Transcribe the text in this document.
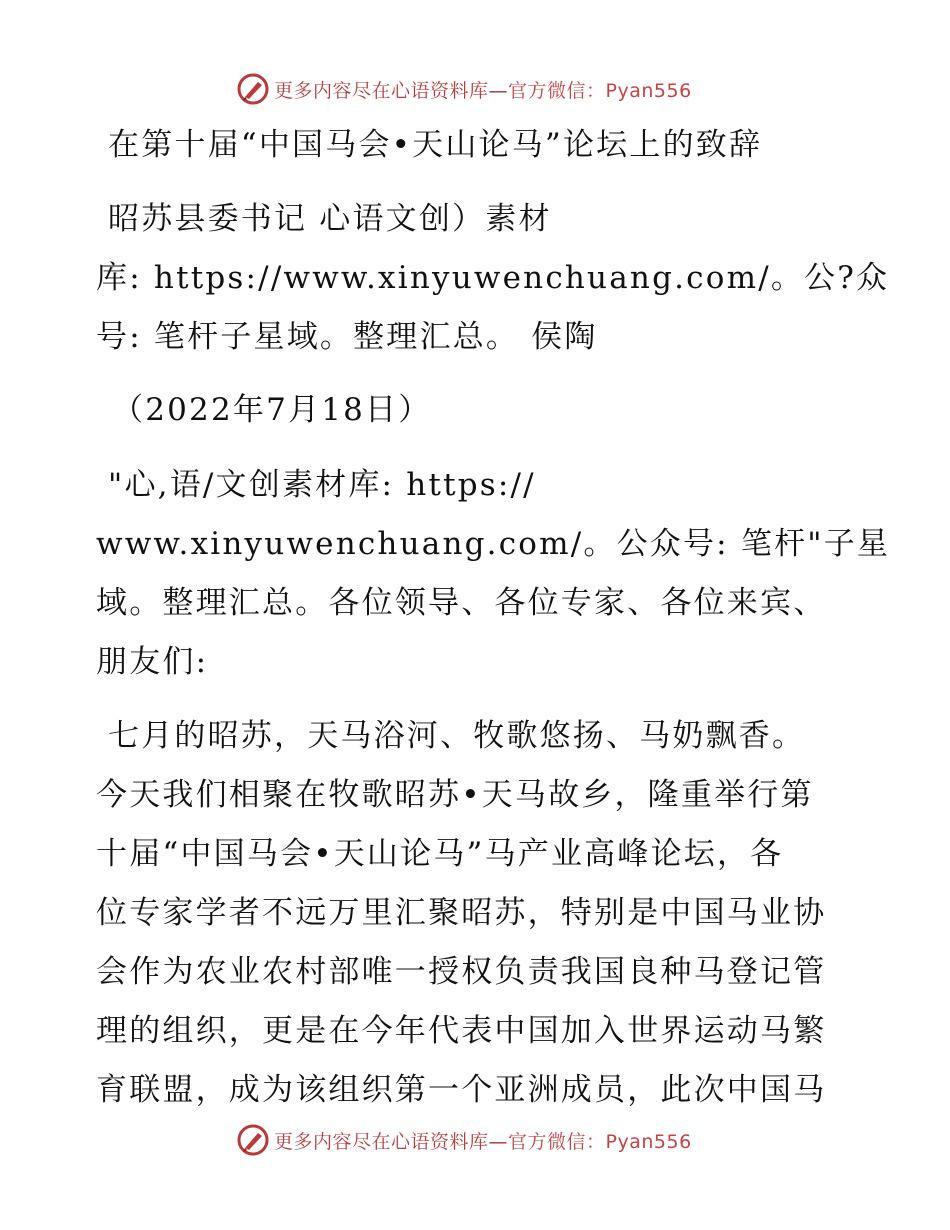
更多内容尽在心语资料库—官方微信：Pyan556
在第十届“中国马会•天山论马”论坛上的致辞
昭苏县委书记 心语文创）素材
库: https://www.xinyuwenchuang.com/。公?众
号: 笔杆子星域。整理汇总。 侯陶
（2022年7月18日）
"心,语/文创素材库: https://
www.xinyuwenchuang.com/。公众号: 笔杆"子星
域。整理汇总。各位领导、各位专家、各位来宾、
朋友们:
七月的昭苏，天马浴河、牧歌悠扬、马奶飘香。
今天我们相聚在牧歌昭苏•天马故乡，隆重举行第
十届“中国马会•天山论马”马产业高峰论坛，各
位专家学者不远万里汇聚昭苏，特别是中国马业协
会作为农业农村部唯一授权负责我国良种马登记管
理的组织，更是在今年代表中国加入世界运动马繁
育联盟，成为该组织第一个亚洲成员，此次中国马
更多内容尽在心语资料库—官方微信：Pyan556
